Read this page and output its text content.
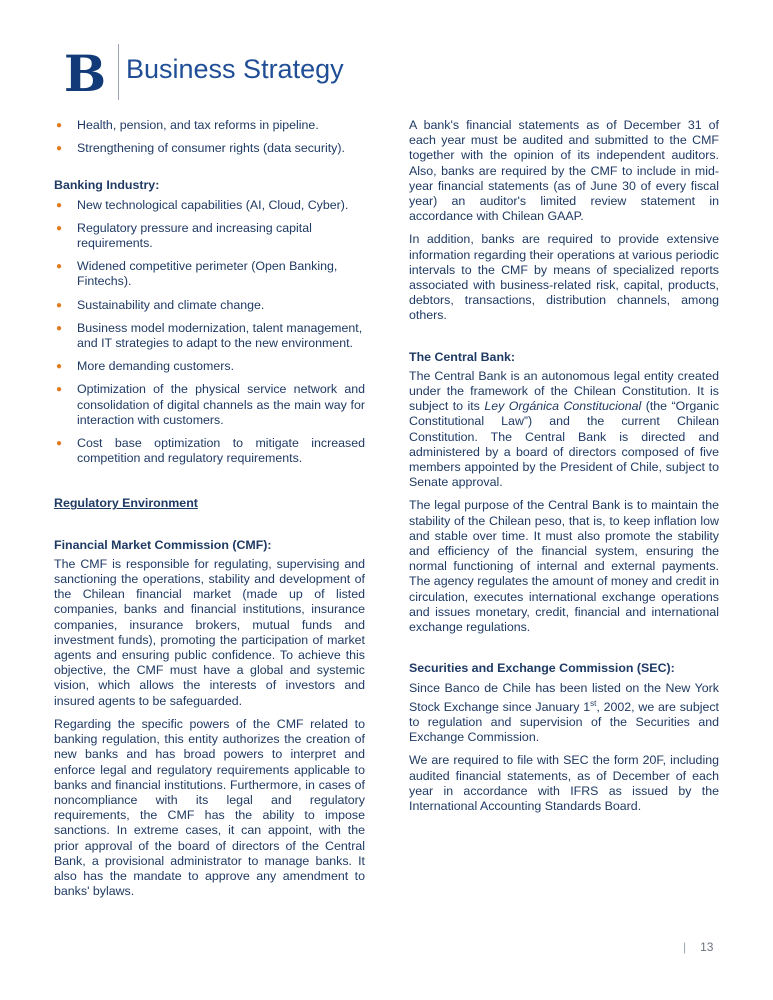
B Business Strategy
● Health, pension, and tax reforms in pipeline.
● Strengthening of consumer rights (data security).
Banking Industry:
● New technological capabilities (AI, Cloud, Cyber).
● Regulatory pressure and increasing capital requirements.
● Widened competitive perimeter (Open Banking, Fintechs).
● Sustainability and climate change.
● Business model modernization, talent management, and IT strategies to adapt to the new environment.
● More demanding customers.
● Optimization of the physical service network and consolidation of digital channels as the main way for interaction with customers.
● Cost base optimization to mitigate increased competition and regulatory requirements.
Regulatory Environment
Financial Market Commission (CMF):

The CMF is responsible for regulating, supervising and sanctioning the operations, stability and development of the Chilean financial market (made up of listed companies, banks and financial institutions, insurance companies, insurance brokers, mutual funds and investment funds), promoting the participation of market agents and ensuring public confidence. To achieve this objective, the CMF must have a global and systemic vision, which allows the interests of investors and insured agents to be safeguarded.

Regarding the specific powers of the CMF related to banking regulation, this entity authorizes the creation of new banks and has broad powers to interpret and enforce legal and regulatory requirements applicable to banks and financial institutions. Furthermore, in cases of noncompliance with its legal and regulatory requirements, the CMF has the ability to impose sanctions. In extreme cases, it can appoint, with the prior approval of the board of directors of the Central Bank, a provisional administrator to manage banks. It also has the mandate to approve any amendment to banks' bylaws.

A bank's financial statements as of December 31 of each year must be audited and submitted to the CMF together with the opinion of its independent auditors. Also, banks are required by the CMF to include in mid-year financial statements (as of June 30 of every fiscal year) an auditor's limited review statement in accordance with Chilean GAAP.

In addition, banks are required to provide extensive information regarding their operations at various periodic intervals to the CMF by means of specialized reports associated with business-related risk, capital, products, debtors, transactions, distribution channels, among others.

The Central Bank:

The Central Bank is an autonomous legal entity created under the framework of the Chilean Constitution. It is subject to its Ley Orgánica Constitucional (the “Organic Constitutional Law”) and the current Chilean Constitution. The Central Bank is directed and administered by a board of directors composed of five members appointed by the President of Chile, subject to Senate approval.

The legal purpose of the Central Bank is to maintain the stability of the Chilean peso, that is, to keep inflation low and stable over time. It must also promote the stability and efficiency of the financial system, ensuring the normal functioning of internal and external payments. The agency regulates the amount of money and credit in circulation, executes international exchange operations and issues monetary, credit, financial and international exchange regulations.

Securities and Exchange Commission (SEC):

Since Banco de Chile has been listed on the New York Stock Exchange since January 1st, 2002, we are subject to regulation and supervision of the Securities and Exchange Commission.

We are required to file with SEC the form 20F, including audited financial statements, as of December of each year in accordance with IFRS as issued by the International Accounting Standards Board.

| 13
